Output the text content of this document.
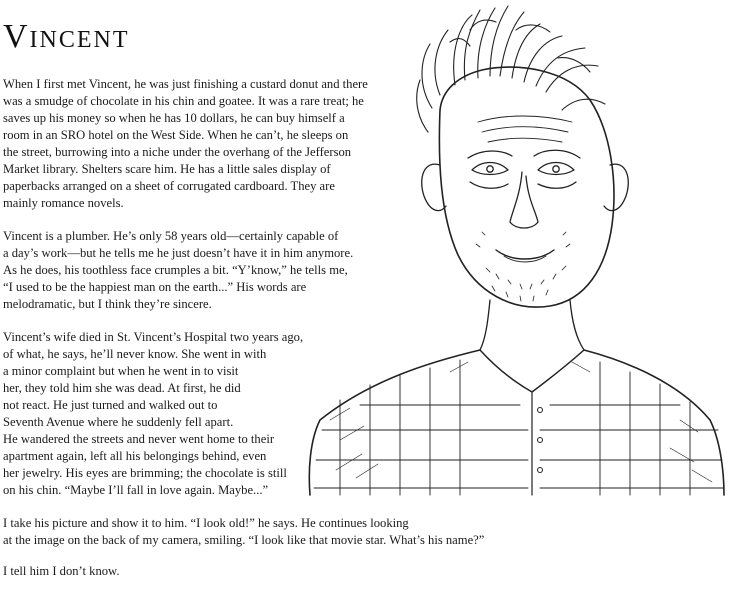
Vincent
When I first met Vincent, he was just finishing a custard donut and there
was a smudge of chocolate in his chin and goatee. It was a rare treat; he
saves up his money so when he has 10 dollars, he can buy himself a
room in an SRO hotel on the West Side. When he can’t, he sleeps on
the street, burrowing into a niche under the overhang of the Jefferson
Market library. Shelters scare him. He has a little sales display of
paperbacks arranged on a sheet of corrugated cardboard. They are
mainly romance novels.
Vincent is a plumber. He’s only 58 years old—certainly capable of
a day’s work—but he tells me he just doesn’t have it in him anymore.
As he does, his toothless face crumples a bit. “Y’know,” he tells me,
“I used to be the happiest man on the earth...” His words are
melodramatic, but I think they’re sincere.
Vincent’s wife died in St. Vincent’s Hospital two years ago,
of what, he says, he’ll never know. She went in with
a minor complaint but when he went in to visit
her, they told him she was dead. At first, he did
not react. He just turned and walked out to
Seventh Avenue where he suddenly fell apart.
He wandered the streets and never went home to their
apartment again, left all his belongings behind, even
her jewelry. His eyes are brimming; the chocolate is still
on his chin. “Maybe I’ll fall in love again. Maybe...”
I take his picture and show it to him. “I look old!” he says. He continues looking
at the image on the back of my camera, smiling. “I look like that movie star. What’s his name?”
I tell him I don’t know.
